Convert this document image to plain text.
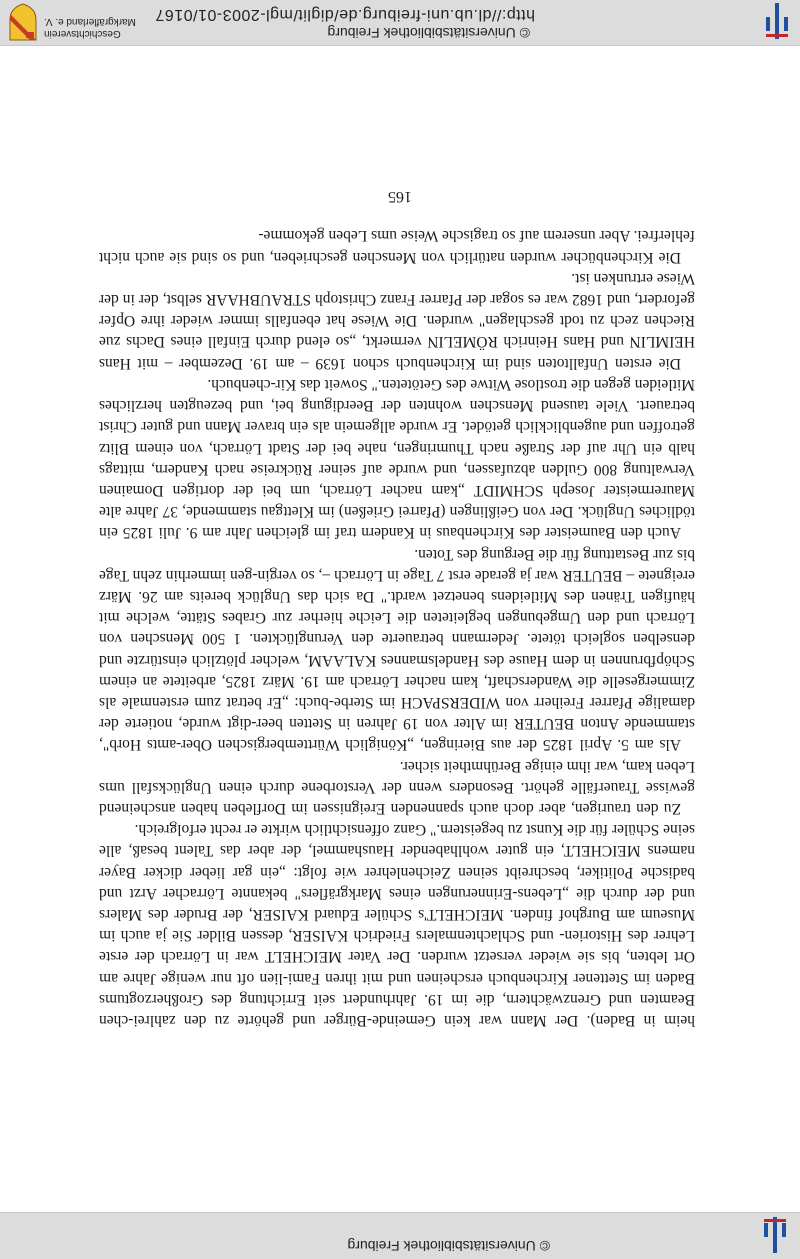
© Universitätsbibliothek Freiburg

heim in Baden). Der Mann war kein Gemeinde-Bürger und gehörte zu den zahlrei-chen Beamten und Grenzwächtern, die im 19. Jahrhundert seit Errichtung des Großherzogtums Baden im Stettener Kirchenbuch erscheinen und mit ihren Fami-lien oft nur wenige Jahre am Ort lebten, bis sie wieder versetzt wurden. Der Vater MEICHELT war in Lörrach der erste Lehrer des Historien- und Schlachtenmalers Friedrich KAISER, dessen Bilder Sie ja auch im Museum am Burghof finden. MEICHELT's Schüler Eduard KAISER, der Bruder des Malers und der durch die „Lebens-Erinnerungen eines Markgräflers" bekannte Lörracher Arzt und badische Politiker, beschreibt seinen Zeichenlehrer wie folgt: „ein gar lieber dicker Bayer namens MEICHELT, ein guter wohlhabender Haushammel, der aber das Talent besaß, alle seine Schüler für die Kunst zu begeistern." Ganz offensichtlich wirkte er recht erfolgreich.

Zu den traurigen, aber doch auch spannenden Ereignissen im Dorfleben haben anscheinend gewisse Trauerfälle gehört. Besonders wenn der Verstorbene durch einen Unglücksfall ums Leben kam, war ihm einige Berühmtheit sicher.

Als am 5. April 1825 der aus Bieringen, „Königlich Württembergischen Ober-amts Horb", stammende Anton BEUTER im Alter von 19 Jahren in Stetten beer-digt wurde, notierte der damalige Pfarrer Freiherr von WIDERSPACH im Sterbe-buch: „Er betrat zum erstenmale als Zimmergeselle die Wanderschaft, kam nacher Lörrach am 19. März 1825, arbeitete an einem Schöpfbrunnen in dem Hause des Handelsmannes KALAAM, welcher plötzlich einstürzte und denselben sogleich tötete. Jedermann betrauerte den Verunglückten. 1 500 Menschen von Lörrach und den Umgebungen begleiteten die Leiche hierher zur Grabes Stätte, welche mit häufigen Tränen des Mitleidens benetzet wardt." Da sich das Unglück bereits am 26. März ereignete – BEUTER war ja gerade erst 7 Tage in Lörrach –, so vergin-gen immerhin zehn Tage bis zur Bestattung für die Bergung des Toten.

Auch den Baumeister des Kirchenbaus in Kandern traf im gleichen Jahr am 9. Juli 1825 ein tödliches Unglück. Der von Geißlingen (Pfarrei Grießen) im Klettgau stammende, 37 Jahre alte Maurermeister Joseph SCHMIDT „kam nacher Lörrach, um bei der dortigen Domainen Verwaltung 800 Gulden abzufassen, und wurde auf seiner Rückreise nach Kandern, mittags halb ein Uhr auf der Straße nach Thumringen, nahe bei der Stadt Lörrach, von einem Blitz getroffen und augenblicklich getödet. Er wurde allgemein als ein braver Mann und guter Christ betrauert. Viele tausend Menschen wohnten der Beerdigung bei, und bezeugten herzliches Mitleiden gegen die trostlose Witwe des Getöteten." Soweit das Kir-chenbuch.

Die ersten Unfalltoten sind im Kirchenbuch schon 1639 – am 19. Dezember – mit Hans HEIMLIN und Hans Heinrich RÖMELIN vermerkt, „so elend durch Einfall eines Dachs zue Riechen zech zu todt geschlagen" wurden. Die Wiese hat ebenfalls immer wieder ihre Opfer gefordert, und 1682 war es sogar der Pfarrer Franz Christoph STRAUBHAAR selbst, der in der Wiese ertrunken ist.

Die Kirchenbücher wurden natürlich von Menschen geschrieben, und so sind sie auch nicht fehlerfrei. Aber unserem auf so tragische Weise ums Leben gekomme-

165
© Universitätsbibliothek Freiburg
http://dl.ub.uni-freiburg.de/diglit/mgl-2003-01/0167
Geschichtsverein
Markgräflerland e. V.
